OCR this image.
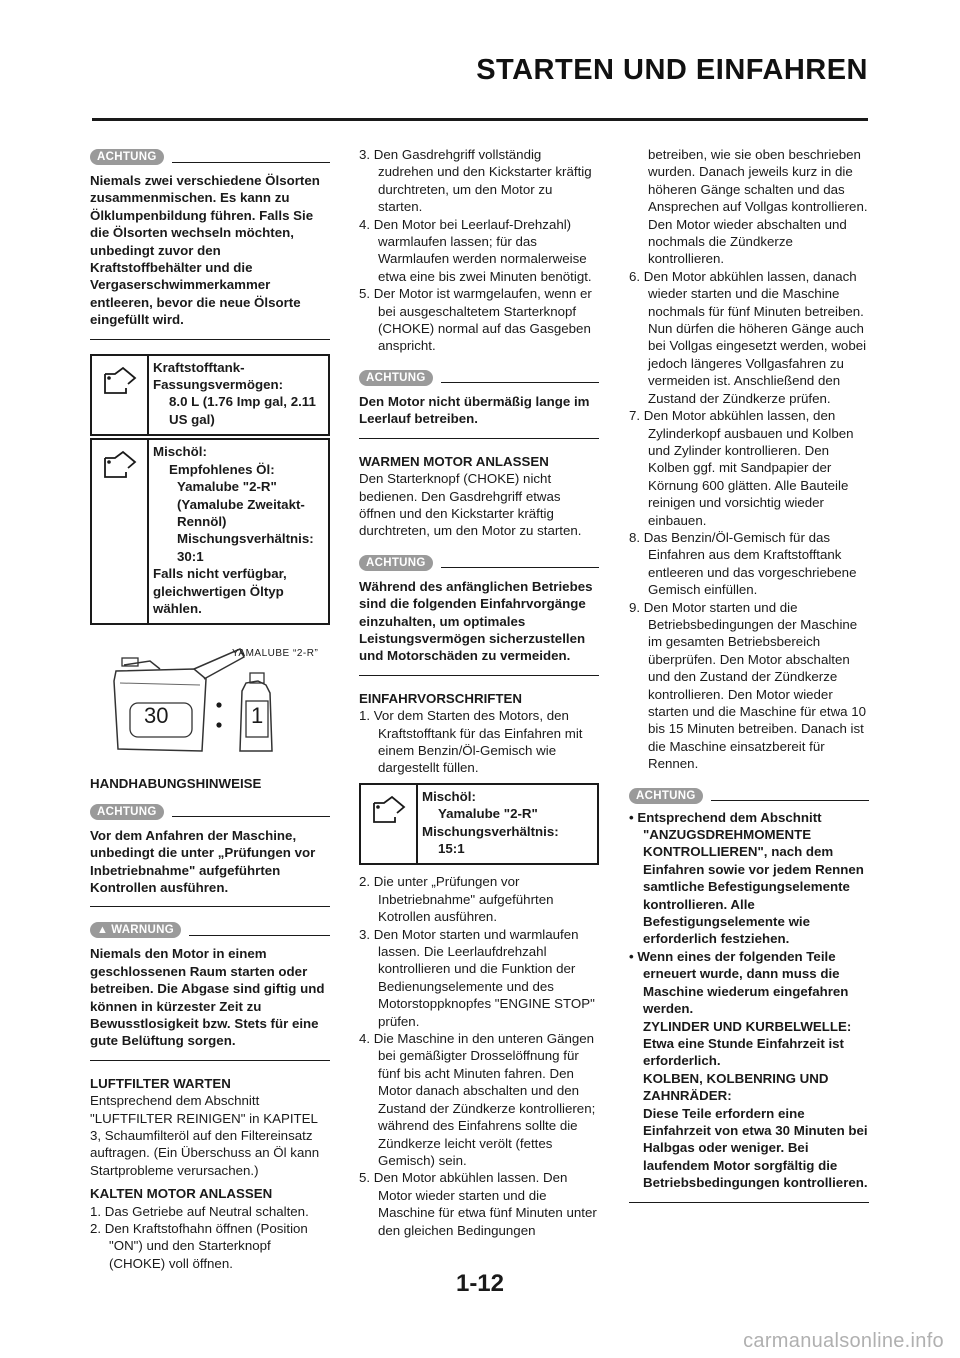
STARTEN UND EINFAHREN
ACHTUNG

Niemals zwei verschiedene Ölsorten zusammenmischen. Es kann zu Ölklumpenbildung führen. Falls Sie die Ölsorten wechseln möchten, unbedingt zuvor den Kraftstoffbehälter und die Vergaserschwimmerkammer entleeren, bevor die neue Ölsorte eingefüllt wird.

Kraftstofftank-Fassungsvermögen:

8.0 L (1.76 Imp gal, 2.11 US gal)

Mischöl:

Empfohlenes Öl:

Yamalube "2-R" (Yamalube Zweitakt-Rennöl)

Mischungsverhältnis: 30:1

Falls nicht verfügbar, gleichwertigen Öltyp wählen.

YAMALUBE “2-R”
30	1

HANDHABUNGSHINWEISE

ACHTUNG

Vor dem Anfahren der Maschine, unbedingt die unter „Prüfungen vor Inbetriebnahme" aufgeführten Kontrollen ausführen.

▲ WARNUNG

Niemals den Motor in einem geschlossenen Raum starten oder betreiben. Die Abgase sind giftig und können in kürzester Zeit zu Bewusstlosigkeit bzw. Stets für eine gute Belüftung sorgen.

LUFTFILTER WARTEN

Entsprechend dem Abschnitt "LUFTFILTER REINIGEN" in KAPITEL 3, Schaumfilteröl auf den Filtereinsatz auftragen. (Ein Überschuss an Öl kann Startprobleme verursachen.)

KALTEN MOTOR ANLASSEN

1. Das Getriebe auf Neutral schalten.
2. Den Kraftstofhahn öffnen (Position "ON") und den Starterknopf (CHOKE) voll öffnen.
3. Den Gasdrehgriff vollständig zudrehen und den Kickstarter kräftig durchtreten, um den Motor zu starten.
4. Den Motor bei Leerlauf-Drehzahl) warmlaufen lassen; für das Warmlaufen werden normalerweise etwa eine bis zwei Minuten benötigt.
5. Der Motor ist warmgelaufen, wenn er bei ausgeschaltetem Starterknopf (CHOKE) normal auf das Gasgeben anspricht.
ACHTUNG

Den Motor nicht übermäßig lange im Leerlauf betreiben.

WARMEN MOTOR ANLASSEN

Den Starterknopf (CHOKE) nicht bedienen. Den Gasdrehgriff etwas öffnen und den Kickstarter kräftig durchtreten, um den Motor zu starten.

ACHTUNG

Während des anfänglichen Betriebes sind die folgenden Einfahrvorgänge einzuhalten, um optimales Leistungsvermögen sicherzustellen und Motorschäden zu vermeiden.

EINFAHRVORSCHRIFTEN

1. Vor dem Starten des Motors, den Kraftstofftank für das Einfahren mit einem Benzin/Öl-Gemisch wie dargestellt füllen.

Mischöl:

Yamalube "2-R"

Mischungsverhältnis:

15:1

2. Die unter „Prüfungen vor Inbetriebnahme" aufgeführten Kotrollen ausführen.
3. Den Motor starten und warmlaufen lassen. Die Leerlaufdrehzahl kontrollieren und die Funktion der Bedienungselemente und des Motorstoppknopfes "ENGINE STOP" prüfen.
4. Die Maschine in den unteren Gängen bei gemäßigter Drosselöffnung für fünf bis acht Minuten fahren. Den Motor danach abschalten und den Zustand der Zündkerze kontrollieren; während des Einfahrens sollte die Zündkerze leicht verölt (fettes Gemisch) sein.
5. Den Motor abkühlen lassen. Den Motor wieder starten und die Maschine für etwa fünf Minuten unter den gleichen Bedingungen

betreiben, wie sie oben beschrieben wurden. Danach jeweils kurz in die höheren Gänge schalten und das Ansprechen auf Vollgas kontrollieren. Den Motor wieder abschalten und nochmals die Zündkerze kontrollieren.

6. Den Motor abkühlen lassen, danach wieder starten und die Maschine nochmals für fünf Minuten betreiben. Nun dürfen die höheren Gänge auch bei Vollgas eingesetzt werden, wobei jedoch längeres Vollgasfahren zu vermeiden ist. Anschließend den Zustand der Zündkerze prüfen.
7. Den Motor abkühlen lassen, den Zylinderkopf ausbauen und Kolben und Zylinder kontrollieren. Den Kolben ggf. mit Sandpapier der Körnung 600 glätten. Alle Bauteile reinigen und vorsichtig wieder einbauen.
8. Das Benzin/Öl-Gemisch für das Einfahren aus dem Kraftstofftank entleeren und das vorgeschriebene Gemisch einfüllen.
9. Den Motor starten und die Betriebsbedingungen der Maschine im gesamten Betriebsbereich überprüfen. Den Motor abschalten und den Zustand der Zündkerze kontrollieren. Den Motor wieder starten und die Maschine für etwa 10 bis 15 Minuten betreiben. Danach ist die Maschine einsatzbereit für Rennen.
ACHTUNG
• Entsprechend dem Abschnitt "ANZUGSDREHMOMENTE KONTROLLIEREN", nach dem Einfahren sowie vor jedem Rennen samtliche Befestigungselemente kontrollieren. Alle Befestigungselemente wie erforderlich festziehen.
• Wenn eines der folgenden Teile erneuert wurde, dann muss die Maschine wiederum eingefahren werden.
ZYLINDER UND KURBELWELLE:
Etwa eine Stunde Einfahrzeit ist erforderlich.
KOLBEN, KOLBENRING UND ZAHNRÄDER:
Diese Teile erfordern eine Einfahrzeit von etwa 30 Minuten bei Halbgas oder weniger. Bei laufendem Motor sorgfältig die Betriebsbedingungen kontrollieren.
1-12
carmanualsonline.info
